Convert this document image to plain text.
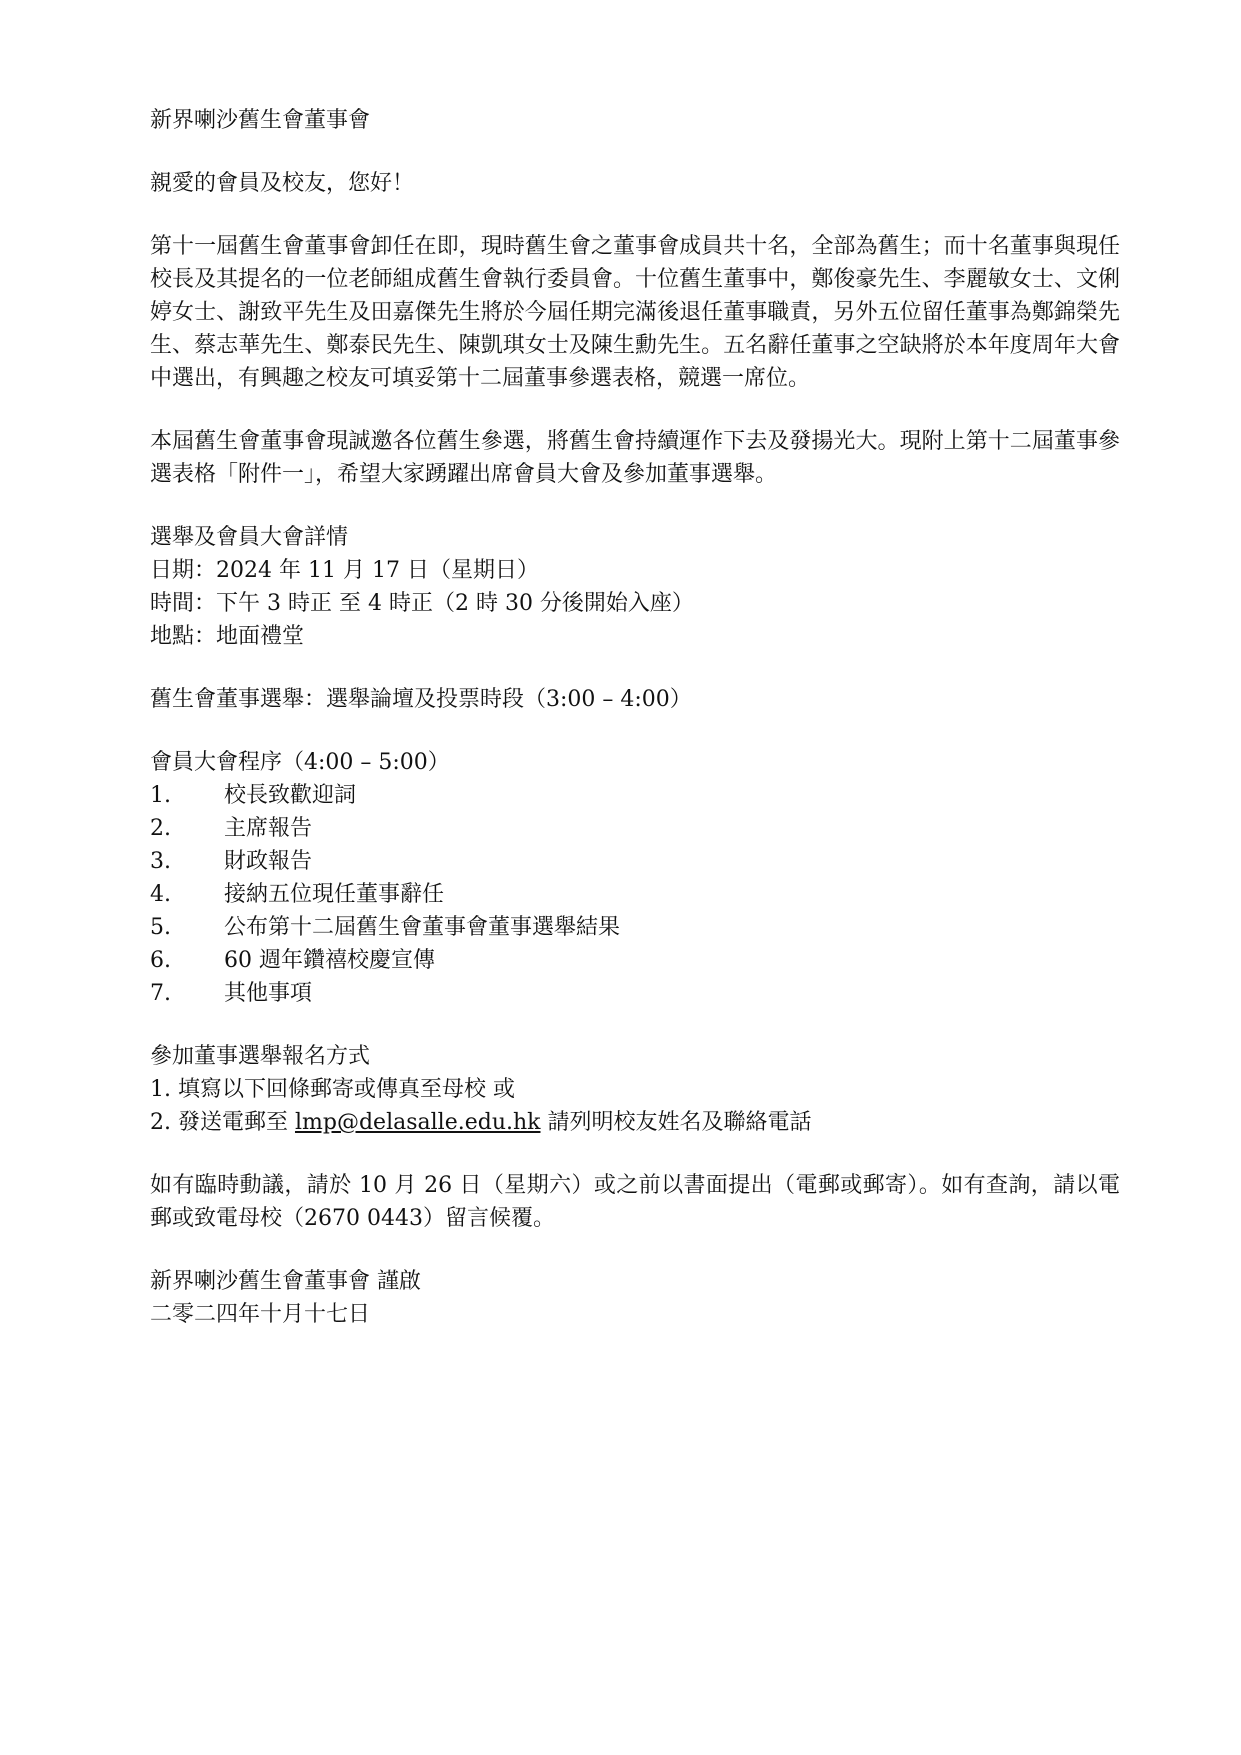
新界喇沙舊生會董事會

親愛的會員及校友，您好！

第十一屆舊生會董事會卸任在即，現時舊生會之董事會成員共十名，全部為舊生；而十名董事與現任校長及其提名的一位老師組成舊生會執行委員會。十位舊生董事中，鄭俊豪先生、李麗敏女士、文俐婷女士、謝致平先生及田嘉傑先生將於今屆任期完滿後退任董事職責，另外五位留任董事為鄭錦榮先生、蔡志華先生、鄭泰民先生、陳凱琪女士及陳生勳先生。五名辭任董事之空缺將於本年度周年大會中選出，有興趣之校友可填妥第十二屆董事參選表格，競選一席位。

本屆舊生會董事會現誠邀各位舊生參選，將舊生會持續運作下去及發揚光大。現附上第十二屆董事參選表格「附件一」，希望大家踴躍出席會員大會及參加董事選舉。

選舉及會員大會詳情
日期：2024 年 11 月 17 日（星期日）
時間：下午 3 時正 至 4 時正（2 時 30 分後開始入座）
地點：地面禮堂

舊生會董事選舉：選舉論壇及投票時段（3:00 – 4:00）

會員大會程序（4:00 – 5:00）
1. 校長致歡迎詞
2. 主席報告
3. 財政報告
4. 接納五位現任董事辭任
5. 公布第十二屆舊生會董事會董事選舉結果
6. 60 週年鑽禧校慶宣傳
7. 其他事項
參加董事選舉報名方式
1. 填寫以下回條郵寄或傳真至母校 或
2. 發送電郵至 lmp@delasalle.edu.hk 請列明校友姓名及聯絡電話

如有臨時動議，請於 10 月 26 日（星期六）或之前以書面提出（電郵或郵寄）。如有查詢，請以電郵或致電母校（2670 0443）留言候覆。

新界喇沙舊生會董事會 謹啟
二零二四年十月十七日
